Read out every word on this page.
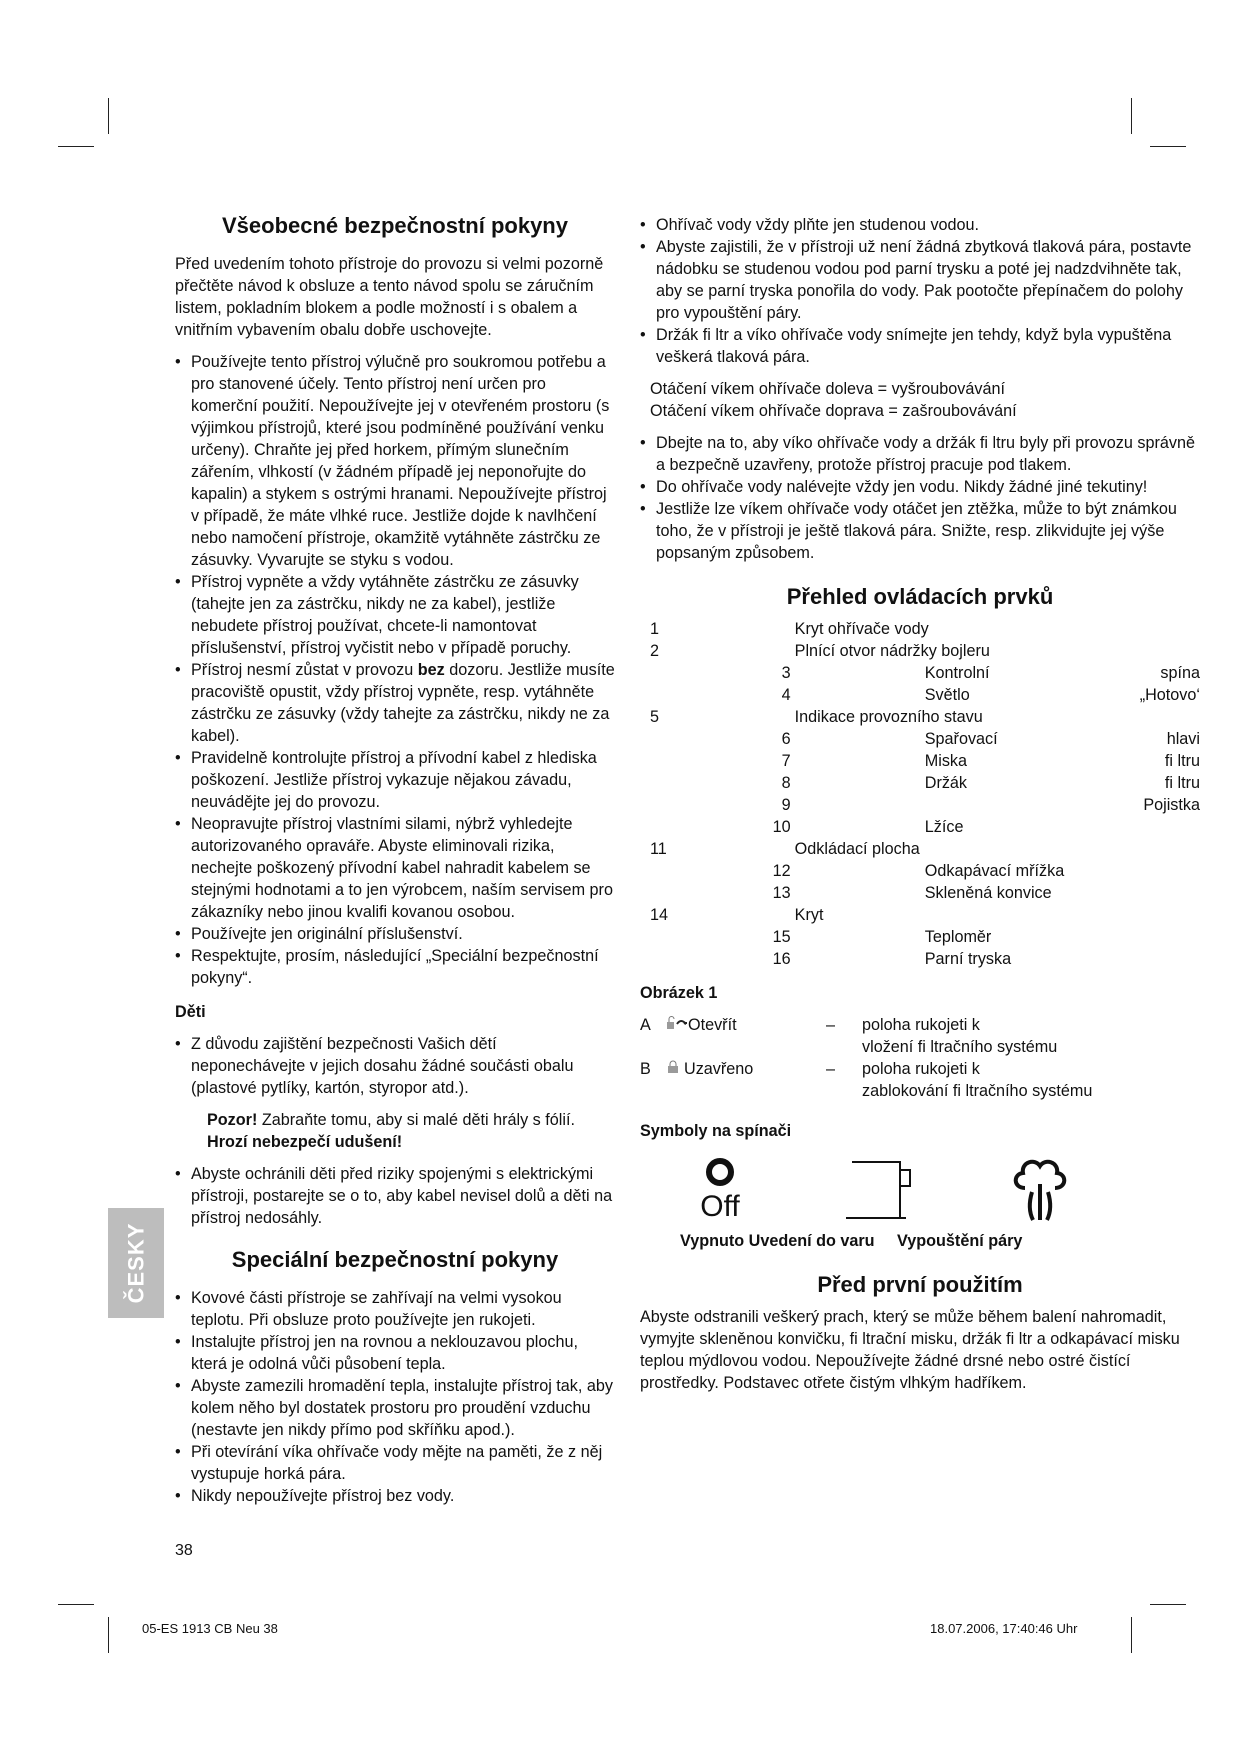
Všeobecné bezpečnostní pokyny

Před uvedením tohoto přístroje do provozu si velmi pozorně přečtěte návod k obsluze a tento návod spolu se záručním listem, pokladním blokem a podle možností i s obalem a vnitřním vybavením obalu dobře uschovejte.

• Používejte tento přístroj výlučně pro soukromou potřebu a pro stanovené účely. Tento přístroj není určen pro komerční použití. Nepoužívejte jej v otevřeném prostoru (s výjimkou přístrojů, které jsou podmíněné používání venku určeny). Chraňte jej před horkem, přímým slunečním zářením, vlhkostí (v žádném případě jej neponořujte do kapalin) a stykem s ostrými hranami. Nepoužívejte přístroj v případě, že máte vlhké ruce. Jestliže dojde k navlhčení nebo namočení přístroje, okamžitě vytáhněte zástrčku ze zásuvky. Vyvarujte se styku s vodou.
• Přístroj vypněte a vždy vytáhněte zástrčku ze zásuvky (tahejte jen za zástrčku, nikdy ne za kabel), jestliže nebudete přístroj používat, chcete-li namontovat příslušenství, přístroj vyčistit nebo v případě poruchy.
• Přístroj nesmí zůstat v provozu bez dozoru. Jestliže musíte pracoviště opustit, vždy přístroj vypněte, resp. vytáhněte zástrčku ze zásuvky (vždy tahejte za zástrčku, nikdy ne za kabel).
• Pravidelně kontrolujte přístroj a přívodní kabel z hlediska poškození. Jestliže přístroj vykazuje nějakou závadu, neuvádějte jej do provozu.
• Neopravujte přístroj vlastními silami, nýbrž vyhledejte autorizovaného opraváře. Abyste eliminovali rizika, nechejte poškozený přívodní kabel nahradit kabelem se stejnými hodnotami a to jen výrobcem, naším servisem pro zákazníky nebo jinou kvalifi kovanou osobou.
• Používejte jen originální příslušenství.
• Respektujte, prosím, následující „Speciální bezpečnostní pokyny“.
Děti
• Z důvodu zajištění bezpečnosti Vašich dětí neponechávejte v jejich dosahu žádné součásti obalu (plastové pytlíky, kartón, styropor atd.).
Pozor! Zabraňte tomu, aby si malé děti hrály s fólií. Hrozí nebezpečí udušení!
• Abyste ochránili děti před riziky spojenými s elektrickými přístroji, postarejte se o to, aby kabel nevisel dolů a děti na přístroj nedosáhly.
Speciální bezpečnostní pokyny
• Kovové části přístroje se zahřívají na velmi vysokou teplotu. Při obsluze proto používejte jen rukojeti.
• Instalujte přístroj jen na rovnou a neklouzavou plochu, která je odolná vůči působení tepla.
• Abyste zamezili hromadění tepla, instalujte přístroj tak, aby kolem něho byl dostatek prostoru pro proudění vzduchu (nestavte jen nikdy přímo pod skříňku apod.).
• Při otevírání víka ohřívače vody mějte na paměti, že z něj vystupuje horká pára.
• Nikdy nepoužívejte přístroj bez vody.
• Ohřívač vody vždy plňte jen studenou vodou.
• Abyste zajistili, že v přístroji už není žádná zbytková tlaková pára, postavte nádobku se studenou vodou pod parní trysku a poté jej nadzdvihněte tak, aby se parní tryska ponořila do vody. Pak pootočte přepínačem do polohy pro vypouštění páry.
• Držák fi ltr a víko ohřívače vody snímejte jen tehdy, když byla vypuštěna veškerá tlaková pára.
Otáčení víkem ohřívače doleva = vyšroubovávání
Otáčení víkem ohřívače doprava = zašroubovávání
• Dbejte na to, aby víko ohřívače vody a držák fi ltru byly při provozu správně a bezpečně uzavřeny, protože přístroj pracuje pod tlakem.
• Do ohřívače vody nalévejte vždy jen vodu. Nikdy žádné jiné tekutiny!
• Jestliže lze víkem ohřívače vody otáčet jen ztěžka, může to být známkou toho, že v přístroji je ještě tlaková pára. Snižte, resp. zlikvidujte jej výše popsaným způsobem.
Přehled ovládacích prvků
1	Kryt ohřívače vody		
2	Plnící otvor nádržky bojleru		
3		Kontrolní	spína
4		Světlo	„Hotovo‘
5	Indikace provozního stavu		
6		Spařovací	hlavi
7		Miska	fi ltru
8		Držák	fi ltru
9			Pojistka
10		Lžíce	
11	Odkládací plocha		
12		Odkapávací mřížka	
13		Skleněná konvice	
14	Kryt		
15		Teploměr	
16		Parní tryska	
Obrázek 1
A	Otevřít	–	poloha rukojeti k
vložení fi ltračního systému

B	Uzavřeno	–	poloha rukojeti k
zablokování fi ltračního systému
Symboly na spínači
Off
Vypnuto Uvedení do varu     Vypouštění páry
Před první použitím

Abyste odstranili veškerý prach, který se může během balení nahromadit, vymyjte skleněnou konvičku, fi ltrační misku, držák fi ltr a odkapávací misku teplou mýdlovou vodou. Nepoužívejte žádné drsné nebo ostré čistící prostředky. Podstavec otřete čistým vlhkým hadříkem.

ČESKY
38
05-ES 1913 CB Neu 38	18.07.2006, 17:40:46 Uhr
